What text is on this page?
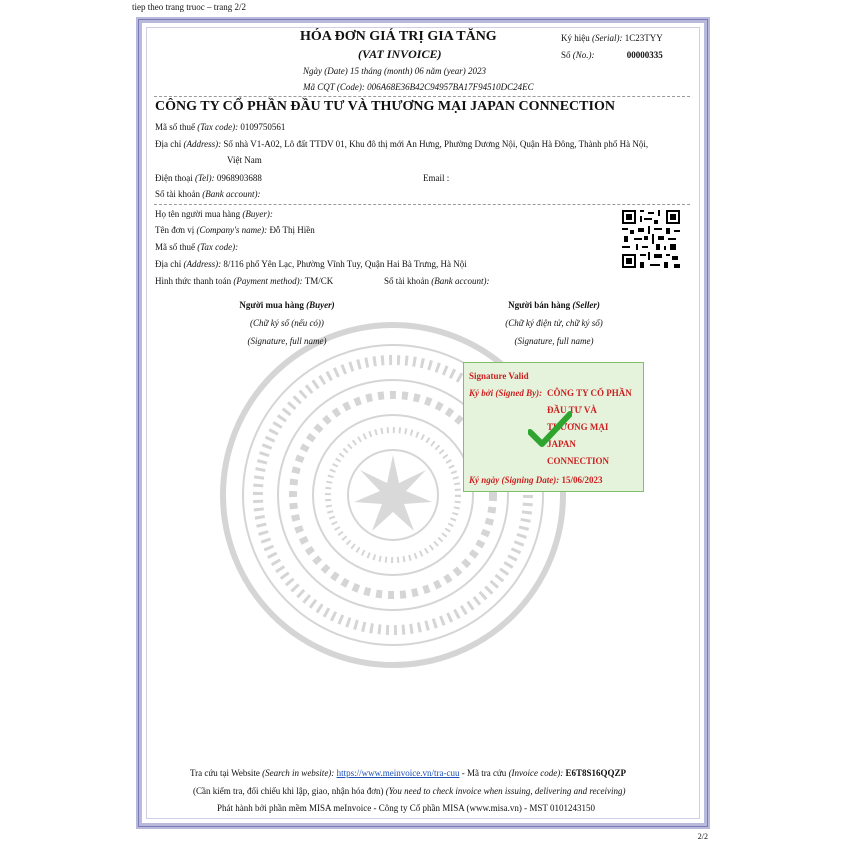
tiep theo trang truoc – trang 2/2
2/2
HÓA ĐƠN GIÁ TRỊ GIA TĂNG
(VAT INVOICE)
Ngày (Date) 15 tháng (month) 06 năm (year) 2023
Mã CQT (Code): 006A68E36B42C94957BA17F94510DC24EC
Ký hiệu (Serial): 1C23TYY
Số (No.):	00000335
CÔNG TY CỔ PHẦN ĐẦU TƯ VÀ THƯƠNG MẠI JAPAN CONNECTION
Mã số thuế (Tax code): 0109750561
Địa chỉ (Address): Số nhà V1-A02, Lô đất TTDV 01, Khu đô thị mới An Hưng, Phường Dương Nội, Quận Hà Đông, Thành phố Hà Nội,
Việt Nam
Điện thoại (Tel): 0968903688	Email :
Số tài khoản (Bank account):
Họ tên người mua hàng (Buyer):
Tên đơn vị (Company's name): Đỗ Thị Hiền
Mã số thuế (Tax code):
Địa chỉ (Address): 8/116 phố Yên Lạc, Phường Vĩnh Tuy, Quận Hai Bà Trưng, Hà Nội
Hình thức thanh toán (Payment method): TM/CK	Số tài khoản (Bank account):
Người mua hàng (Buyer)
(Chữ ký số (nếu có))
(Signature, full name)
Người bán hàng (Seller)
(Chữ ký điện tử, chữ ký số)
(Signature, full name)
Signature Valid
Ký bởi (Signed By): CÔNG TY CỔ PHẦN
ĐẦU TƯ VÀ
THƯƠNG MẠI
JAPAN
CONNECTION
Ký ngày (Signing Date): 15/06/2023
Tra cứu tại Website (Search in website): https://www.meinvoice.vn/tra-cuu - Mã tra cứu (Invoice code): E6T8S16QQZP
(Cần kiểm tra, đối chiếu khi lập, giao, nhận hóa đơn) (You need to check invoice when issuing, delivering and receiving)
Phát hành bởi phần mềm MISA meInvoice - Công ty Cổ phần MISA (www.misa.vn) - MST 0101243150
